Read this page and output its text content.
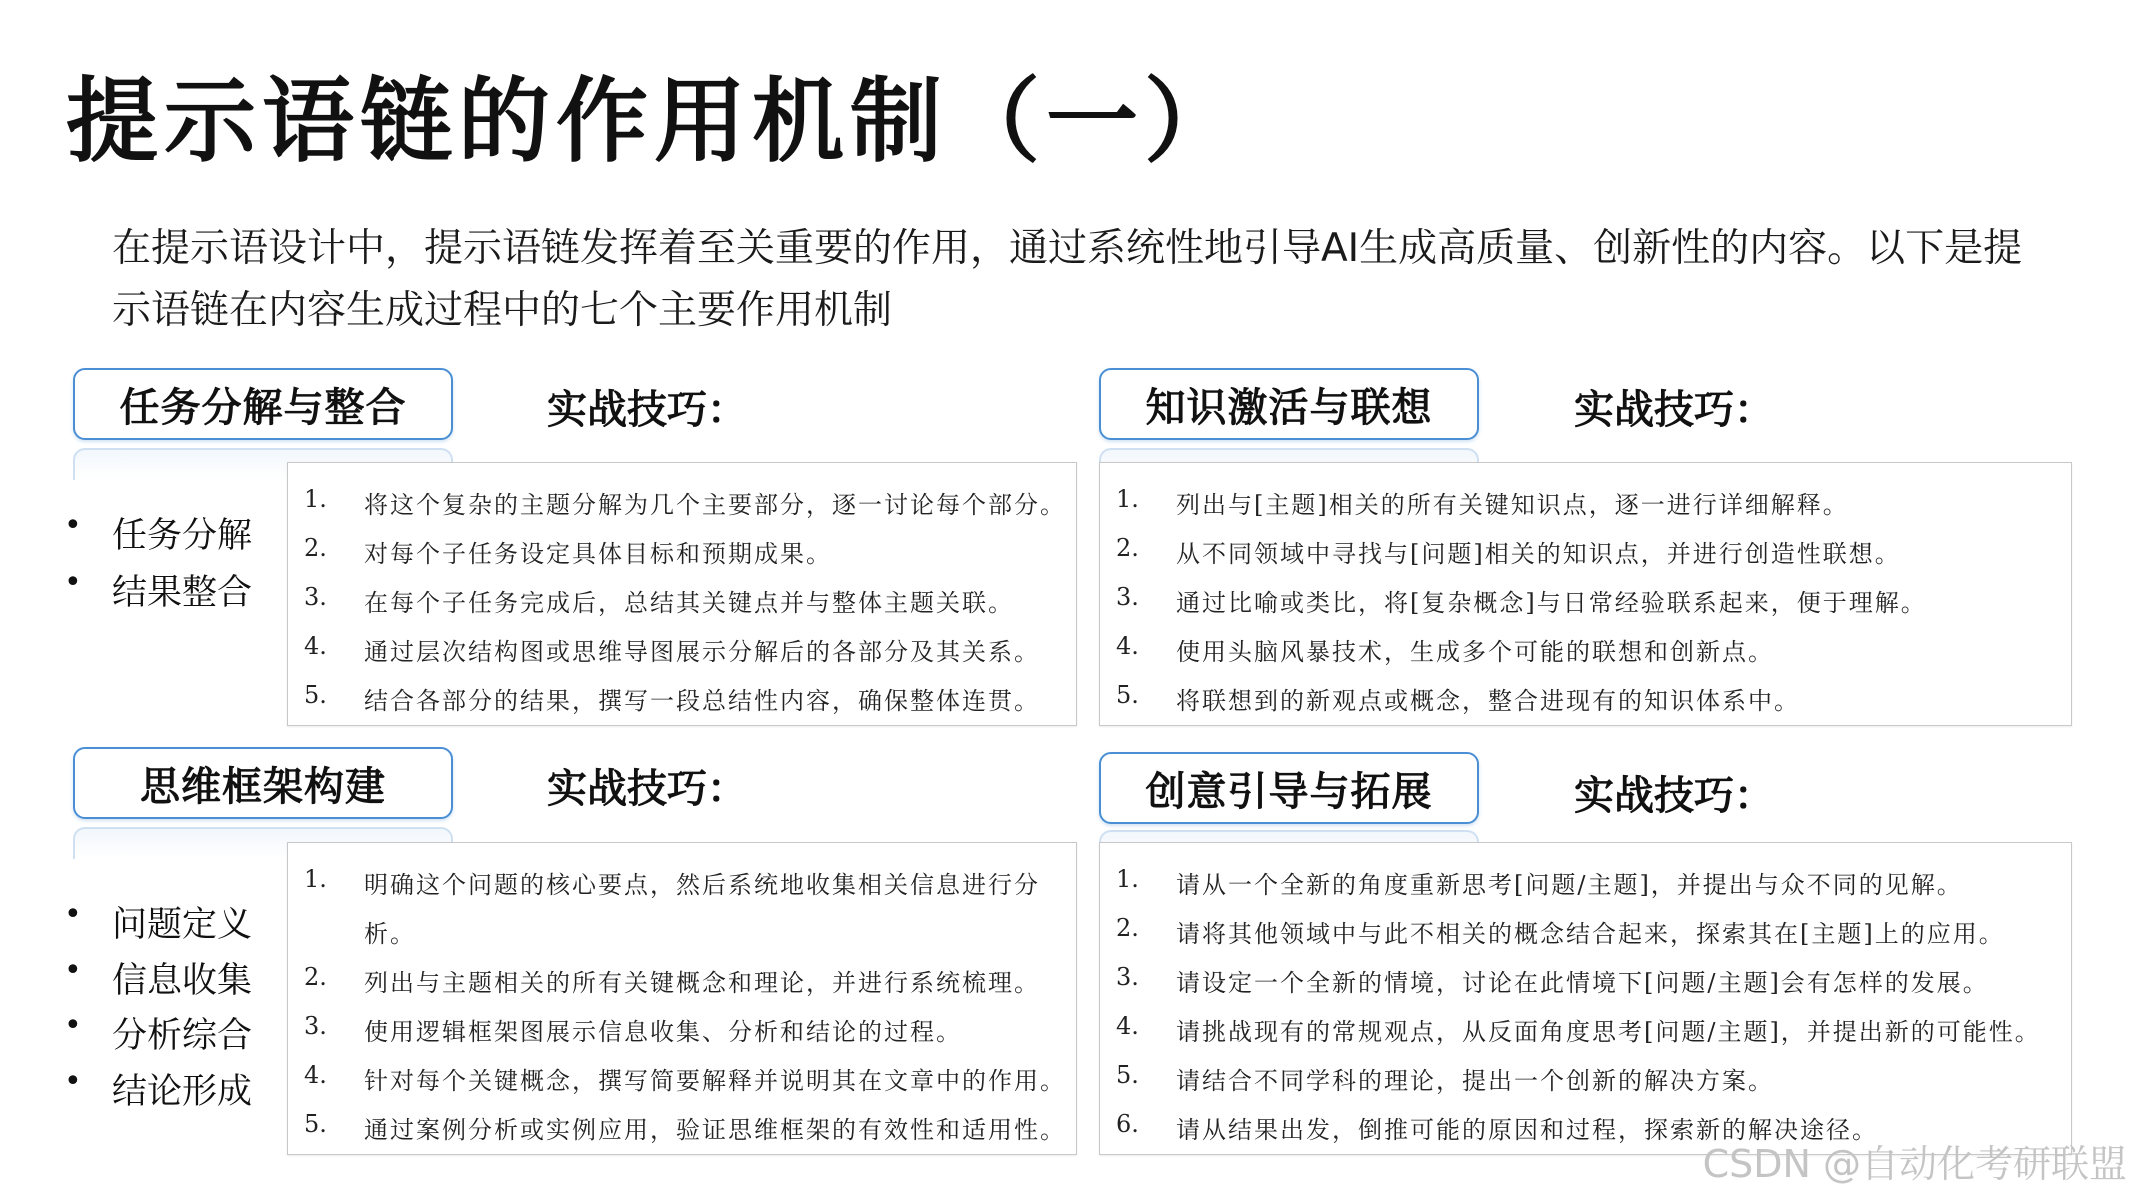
提示语链的作用机制（一）
在提示语设计中，提示语链发挥着至关重要的作用，通过系统性地引导AI生成高质量、创新性的内容。以下是提示语链在内容生成过程中的七个主要作用机制
任务分解与整合	实战技巧：
• 任务分解
• 结果整合
1. 将这个复杂的主题分解为几个主要部分，逐一讨论每个部分。
2. 对每个子任务设定具体目标和预期成果。
3. 在每个子任务完成后，总结其关键点并与整体主题关联。
4. 通过层次结构图或思维导图展示分解后的各部分及其关系。
5. 结合各部分的结果，撰写一段总结性内容，确保整体连贯。
知识激活与联想	实战技巧：
1. 列出与[主题]相关的所有关键知识点，逐一进行详细解释。
2. 从不同领域中寻找与[问题]相关的知识点，并进行创造性联想。
3. 通过比喻或类比，将[复杂概念]与日常经验联系起来，便于理解。
4. 使用头脑风暴技术，生成多个可能的联想和创新点。
5. 将联想到的新观点或概念，整合进现有的知识体系中。
思维框架构建	实战技巧：
• 问题定义
• 信息收集
• 分析综合
• 结论形成
1. 明确这个问题的核心要点，然后系统地收集相关信息进行分
析。
2. 列出与主题相关的所有关键概念和理论，并进行系统梳理。
3. 使用逻辑框架图展示信息收集、分析和结论的过程。
4. 针对每个关键概念，撰写简要解释并说明其在文章中的作用。
5. 通过案例分析或实例应用，验证思维框架的有效性和适用性。
创意引导与拓展	实战技巧：
1. 请从一个全新的角度重新思考[问题/主题]，并提出与众不同的见解。
2. 请将其他领域中与此不相关的概念结合起来，探索其在[主题]上的应用。
3. 请设定一个全新的情境，讨论在此情境下[问题/主题]会有怎样的发展。
4. 请挑战现有的常规观点，从反面角度思考[问题/主题]，并提出新的可能性。
5. 请结合不同学科的理论，提出一个创新的解决方案。
6. 请从结果出发，倒推可能的原因和过程，探索新的解决途径。
CSDN @自动化考研联盟
